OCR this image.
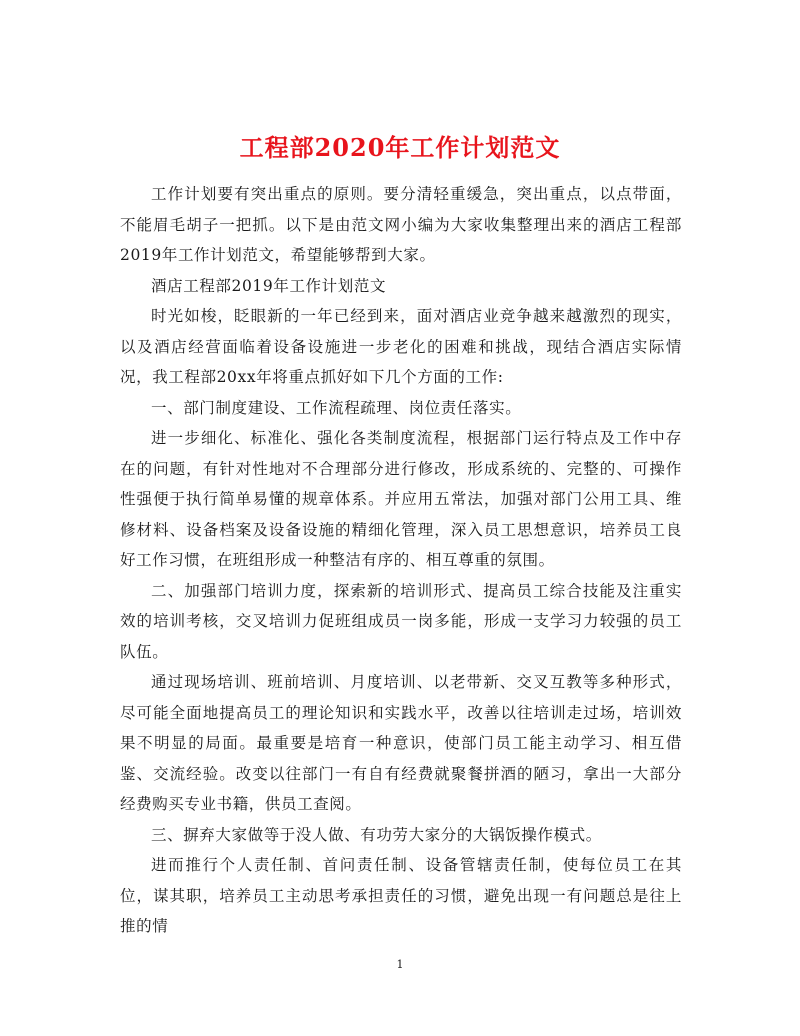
工程部2020年工作计划范文

工作计划要有突出重点的原则。要分清轻重缓急，突出重点，以点带面，不能眉毛胡子一把抓。以下是由范文网小编为大家收集整理出来的酒店工程部2019年工作计划范文，希望能够帮到大家。

酒店工程部2019年工作计划范文

时光如梭，眨眼新的一年已经到来，面对酒店业竞争越来越激烈的现实，以及酒店经营面临着设备设施进一步老化的困难和挑战，现结合酒店实际情况，我工程部20xx年将重点抓好如下几个方面的工作:

一、部门制度建设、工作流程疏理、岗位责任落实。

进一步细化、标准化、强化各类制度流程，根据部门运行特点及工作中存在的问题，有针对性地对不合理部分进行修改，形成系统的、完整的、可操作性强便于执行简单易懂的规章体系。并应用五常法，加强对部门公用工具、维修材料、设备档案及设备设施的精细化管理，深入员工思想意识，培养员工良好工作习惯，在班组形成一种整洁有序的、相互尊重的氛围。

二、加强部门培训力度，探索新的培训形式、提高员工综合技能及注重实效的培训考核，交叉培训力促班组成员一岗多能，形成一支学习力较强的员工队伍。

通过现场培训、班前培训、月度培训、以老带新、交叉互教等多种形式，尽可能全面地提高员工的理论知识和实践水平，改善以往培训走过场，培训效果不明显的局面。最重要是培育一种意识，使部门员工能主动学习、相互借鉴、交流经验。改变以往部门一有自有经费就聚餐拼酒的陋习，拿出一大部分经费购买专业书籍，供员工查阅。

三、摒弃大家做等于没人做、有功劳大家分的大锅饭操作模式。

进而推行个人责任制、首问责任制、设备管辖责任制，使每位员工在其位，谋其职，培养员工主动思考承担责任的习惯，避免出现一有问题总是往上推的情

1
